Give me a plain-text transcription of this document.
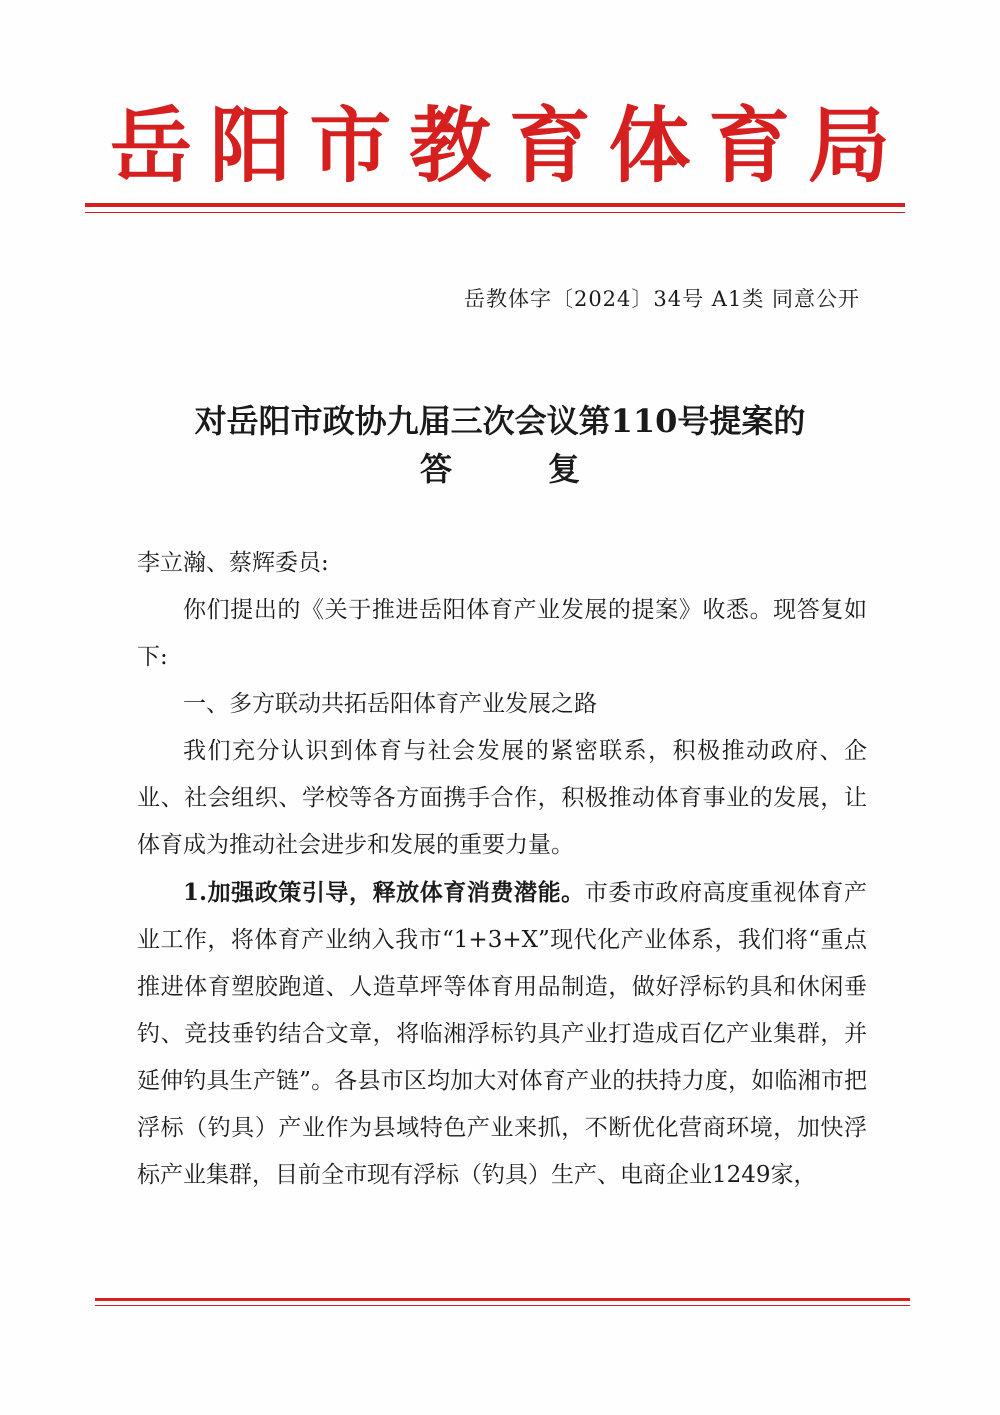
岳 阳 市 教 育 体 育 局
岳教体字〔2024〕34号 A1类 同意公开
对岳阳市政协九届三次会议第110号提案的
答复

李立瀚、蔡辉委员:

你们提出的《关于推进岳阳体育产业发展的提案》收悉。现答复如下:

一、多方联动共拓岳阳体育产业发展之路

我们充分认识到体育与社会发展的紧密联系，积极推动政府、企业、社会组织、学校等各方面携手合作，积极推动体育事业的发展，让体育成为推动社会进步和发展的重要力量。

1.加强政策引导，释放体育消费潜能。市委市政府高度重视体育产业工作，将体育产业纳入我市“1+3+X”现代化产业体系，我们将“重点推进体育塑胶跑道、人造草坪等体育用品制造，做好浮标钓具和休闲垂钓、竞技垂钓结合文章，将临湘浮标钓具产业打造成百亿产业集群，并延伸钓具生产链”。各县市区均加大对体育产业的扶持力度，如临湘市把浮标（钓具）产业作为县域特色产业来抓，不断优化营商环境，加快浮标产业集群，目前全市现有浮标（钓具）生产、电商企业1249家，
